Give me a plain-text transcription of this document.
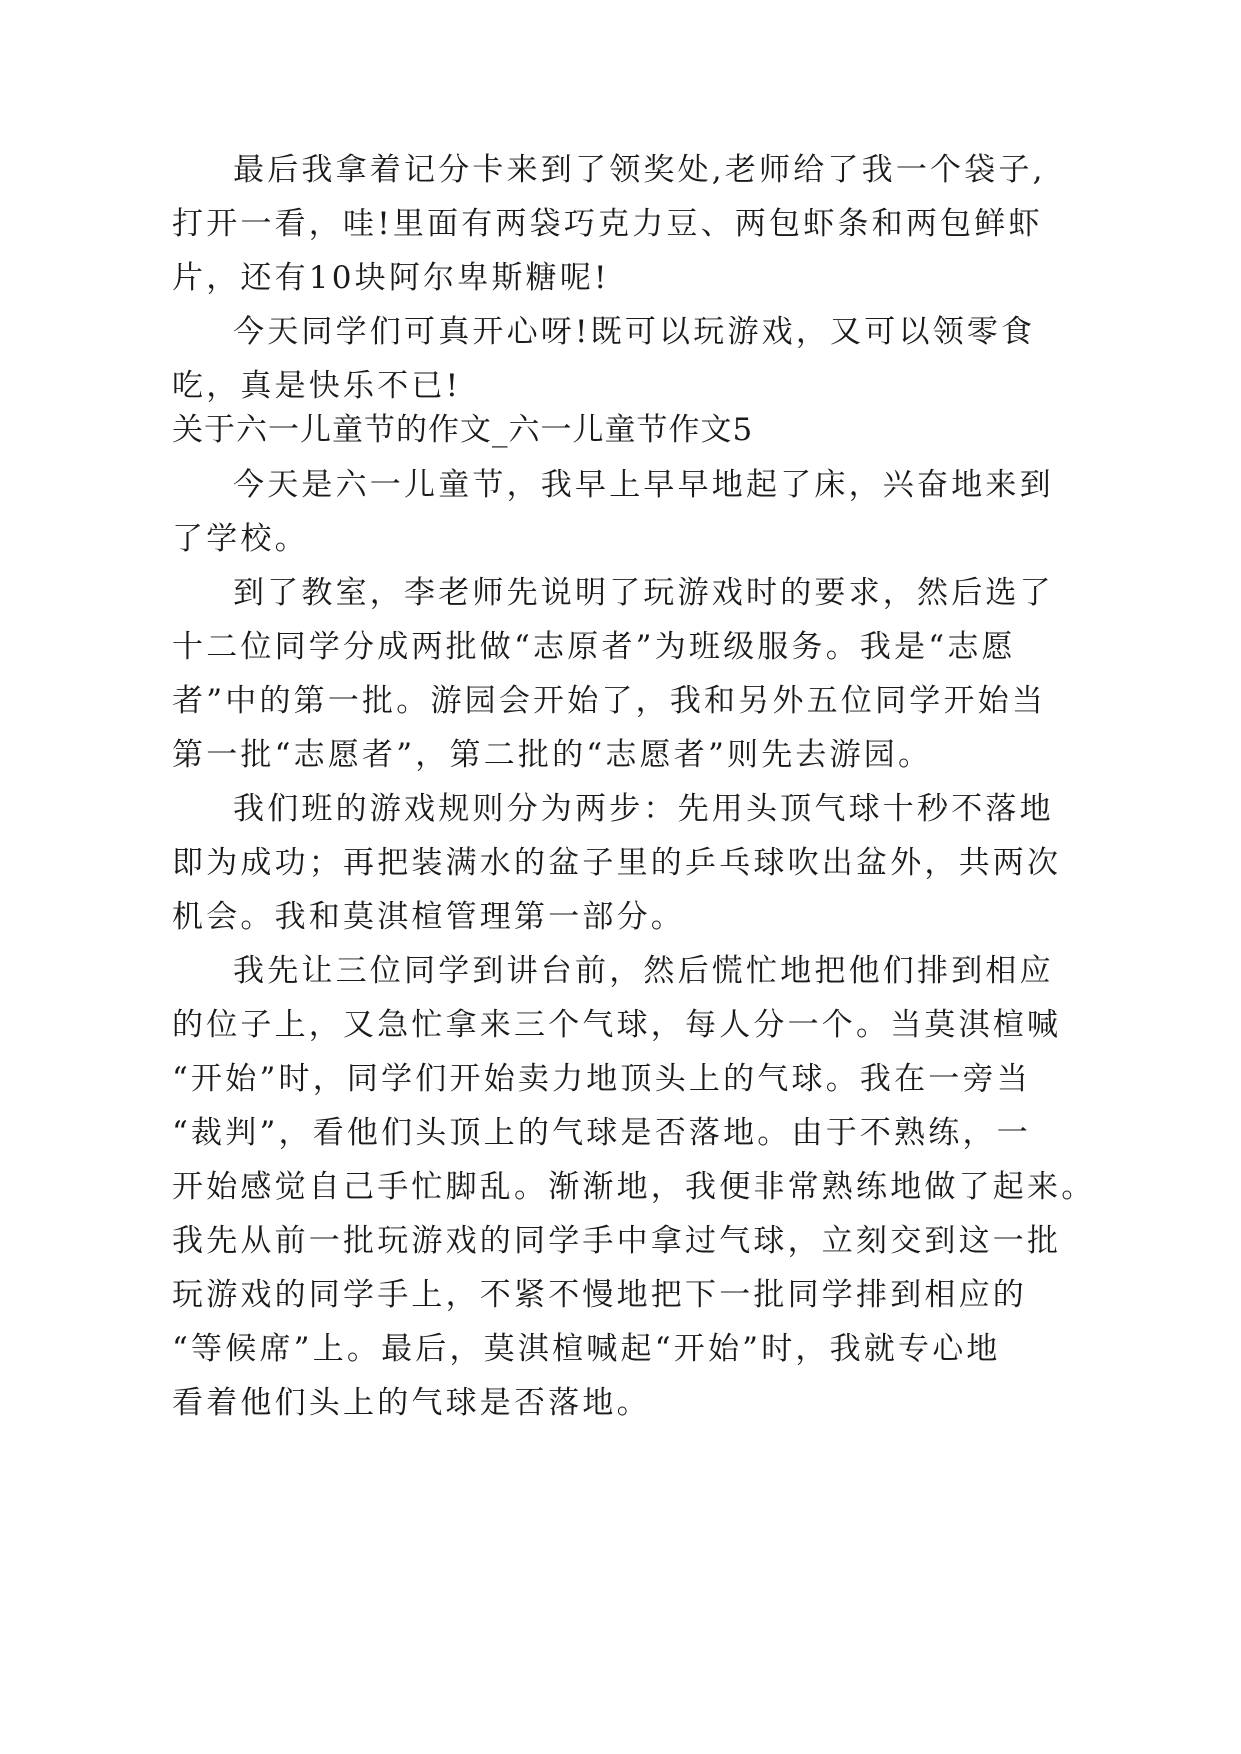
最后我拿着记分卡来到了领奖处,老师给了我一个袋子,
打开一看，哇!里面有两袋巧克力豆、两包虾条和两包鲜虾
片，还有10块阿尔卑斯糖呢!
今天同学们可真开心呀!既可以玩游戏，又可以领零食
吃，真是快乐不已!
关于六一儿童节的作文_六一儿童节作文5
今天是六一儿童节，我早上早早地起了床，兴奋地来到
了学校。
到了教室，李老师先说明了玩游戏时的要求，然后选了
十二位同学分成两批做“志原者”为班级服务。我是“志愿
者”中的第一批。游园会开始了，我和另外五位同学开始当
第一批“志愿者”，第二批的“志愿者”则先去游园。
我们班的游戏规则分为两步：先用头顶气球十秒不落地
即为成功；再把装满水的盆子里的乒乓球吹出盆外，共两次
机会。我和莫淇楦管理第一部分。
我先让三位同学到讲台前，然后慌忙地把他们排到相应
的位子上，又急忙拿来三个气球，每人分一个。当莫淇楦喊
“开始”时，同学们开始卖力地顶头上的气球。我在一旁当
“裁判”，看他们头顶上的气球是否落地。由于不熟练，一
开始感觉自己手忙脚乱。渐渐地，我便非常熟练地做了起来。
我先从前一批玩游戏的同学手中拿过气球，立刻交到这一批
玩游戏的同学手上，不紧不慢地把下一批同学排到相应的
“等候席”上。最后，莫淇楦喊起“开始”时，我就专心地
看着他们头上的气球是否落地。
